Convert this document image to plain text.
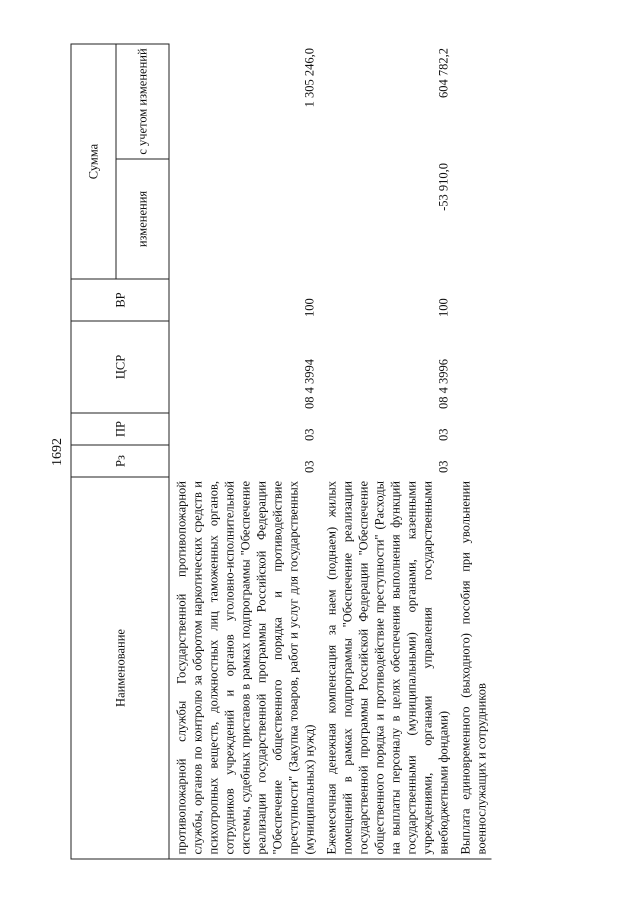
1692
Наименование	Рз	ПР	ЦСР	ВР	Сумма	
					изменения	с учетом изменений
противопожарной службы Государственной противопожарной службы, органов по контролю за оборотом наркотических средств и психотропных веществ, должностных лиц таможенных органов, сотрудников учреждений и органов уголовно-исполнительной системы, судебных приставов в рамках подпрограммы "Обеспечение реализации государственной программы Российской Федерации "Обеспечение общественного порядка и противодействие преступности" (Закупка товаров, работ и услуг для государственных (муниципальных) нужд)	03	03	08 4 3994	100		1 305 246,0
Ежемесячная денежная компенсация за наем (поднаем) жилых помещений в рамках подпрограммы "Обеспечение реализации государственной программы Российской Федерации "Обеспечение общественного порядка и противодействие преступности" (Расходы на выплаты персоналу в целях обеспечения выполнения функций государственными (муниципальными) органами, казенными учреждениями, органами управления государственными внебюджетными фондами)	03	03	08 4 3996	100	-53 910,0	604 782,2
Выплата единовременного (выходного) пособия при увольнении военнослужащих и сотрудников						
